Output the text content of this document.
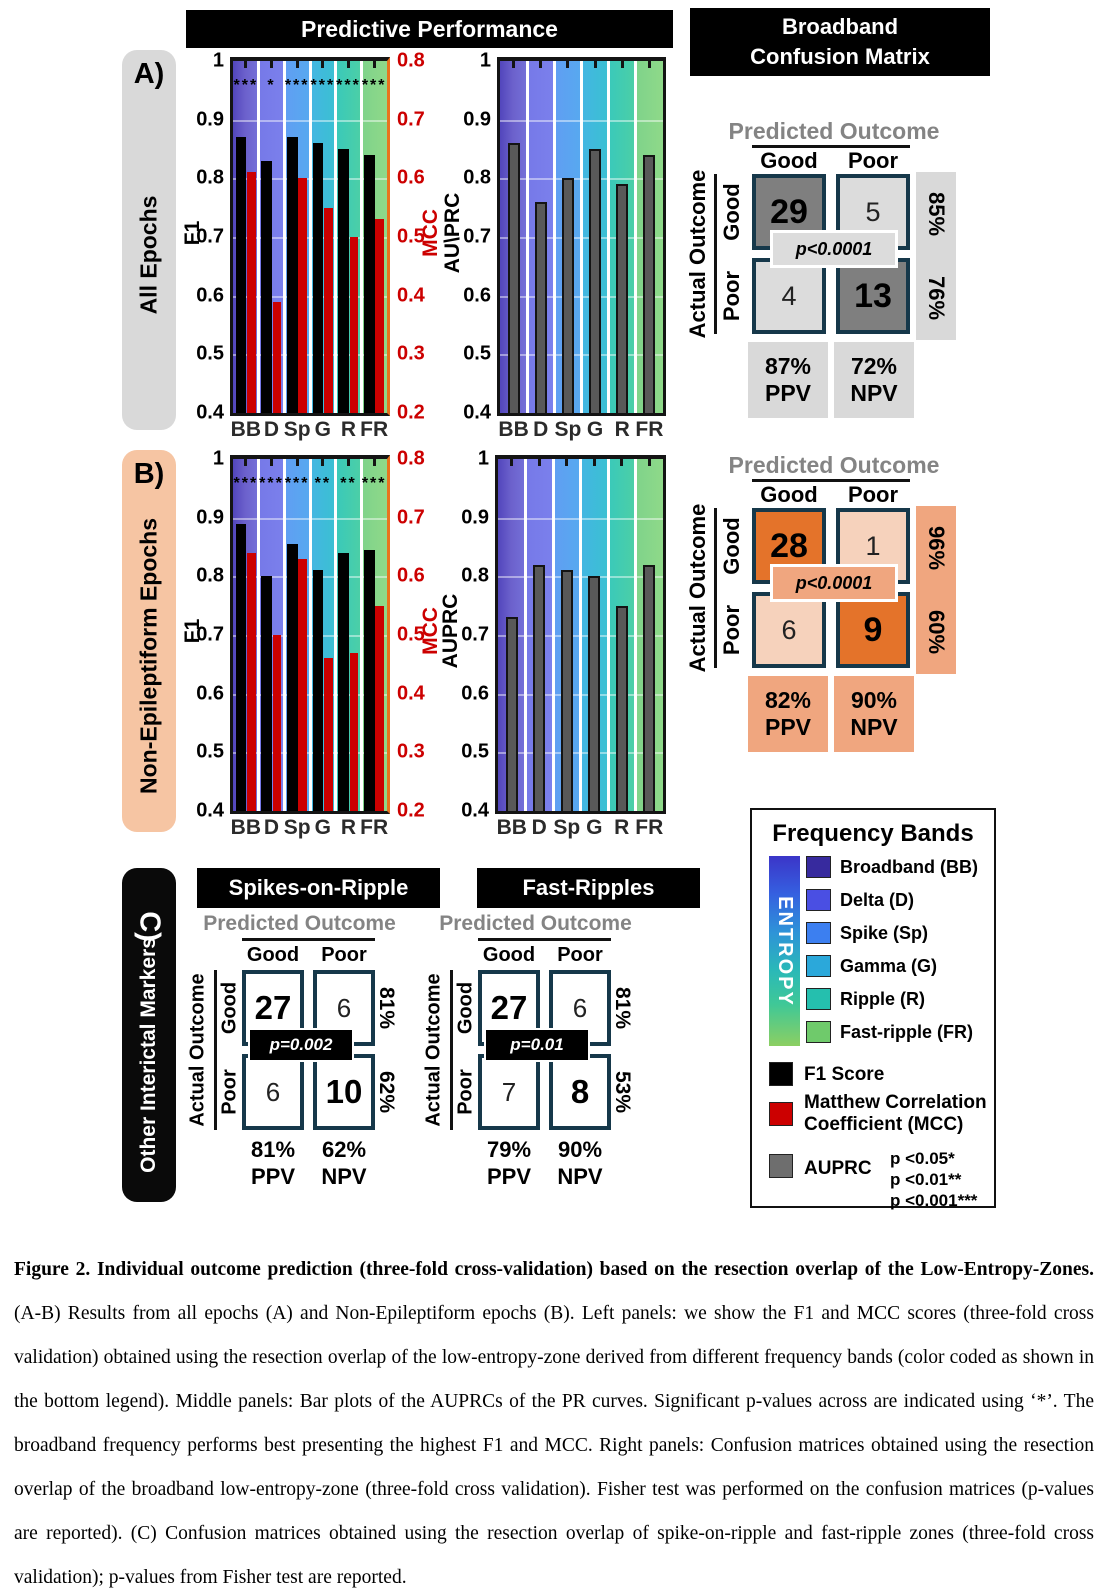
Predictive Performance	Broadband
Confusion Matrix
Spikes-on-Ripple	Fast-Ripples
A)
All Epochs
B)
Non-Epileptiform Epochs
C)
Other Interictal Markers
*** * *** *** *** ***
1
0.9
0.8
0.7
0.6
0.5
0.4
0.8
0.7
0.6
0.5
0.4
0.3
0.2
BB D Sp G R FR
1
0.9
0.8
0.7
0.6
0.5
0.4
BB D Sp G R FR
*** *** *** ** ** ***
1
0.9
0.8
0.7
0.6
0.5
0.4
0.8
0.7
0.6
0.5
0.4
0.3
0.2
BB D Sp G R FR
1
0.9
0.8
0.7
0.6
0.5
0.4
BB D Sp G R FR
F1	MCC AU\PRC
F1	MCC
AUPRC
Predicted Outcome
Good	Poor
Actual Outcome Good
Poor
29	5
4	13
85%
76%
p<0.0001
87%
PPV
72%
NPV
Predicted Outcome
Good	Poor
Actual Outcome Good
Poor
28	1
6	9
96%
60%
p<0.0001
82%
PPV
90%
NPV
Predicted Outcome
Good	Poor
Actual Outcome Good
Poor
27	6
6	10
81%
62%
p=0.002
81%
PPV
62%
NPV
Predicted Outcome
Good	Poor
Actual Outcome Good
Poor
27	6
7	8
81%
53%
p=0.01
79%
PPV
90%
NPV
Frequency Bands
ENTROPY
Broadband (BB)
Delta (D)
Spike (Sp)
Gamma (G)
Ripple (R)
Fast-ripple (FR)
F1 Score
Matthew Correlation
Coefficient (MCC)
AUPRC p <0.05*
p <0.01**
p <0.001***

Figure 2. Individual outcome prediction (three-fold cross-validation) based on the resection overlap of the Low-Entropy-Zones. (A-B) Results from all epochs (A) and Non-Epileptiform epochs (B). Left panels: we show the F1 and MCC scores (three-fold cross validation) obtained using the resection overlap of the low-entropy-zone derived from different frequency bands (color coded as shown in the bottom legend). Middle panels: Bar plots of the AUPRCs of the PR curves. Significant p-values across are indicated using ‘*’. The broadband frequency performs best presenting the highest F1 and MCC. Right panels: Confusion matrices obtained using the resection overlap of the broadband low-entropy-zone (three-fold cross validation). Fisher test was performed on the confusion matrices (p-values are reported). (C) Confusion matrices obtained using the resection overlap of spike-on-ripple and fast-ripple zones (three-fold cross validation); p-values from Fisher test are reported.
